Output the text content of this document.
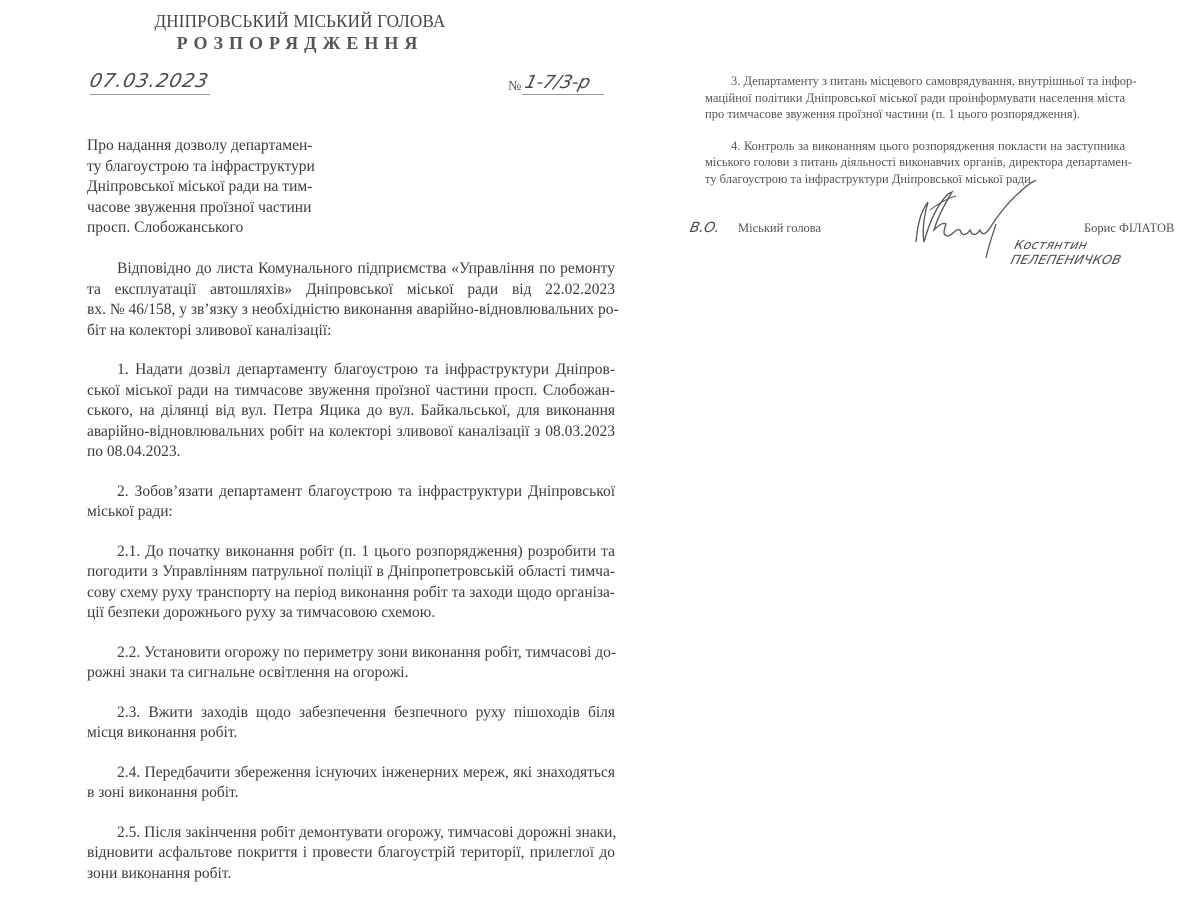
ДНІПРОВСЬКИЙ МІСЬКИЙ ГОЛОВА
РОЗПОРЯДЖЕННЯ
07.03.2023	№ 1-7/3-р
Про надання дозволу департамен-
ту благоустрою та інфраструктури
Дніпровської міської ради на тим-
часове звуження проїзної частини
просп. Слобожанського
Відповідно до листа Комунального підприємства «Управління по ремонту
та експлуатації автошляхів» Дніпровської міської ради від 22.02.2023
вх. № 46/158, у зв’язку з необхідністю виконання аварійно-відновлювальних ро-
біт на колекторі зливової каналізації:
1. Надати дозвіл департаменту благоустрою та інфраструктури Дніпров-
ської міської ради на тимчасове звуження проїзної частини просп. Слобожан-
ського, на ділянці від вул. Петра Яцика до вул. Байкальської, для виконання
аварійно-відновлювальних робіт на колекторі зливової каналізації з 08.03.2023
по 08.04.2023.
2. Зобов’язати департамент благоустрою та інфраструктури Дніпровської
міської ради:
2.1. До початку виконання робіт (п. 1 цього розпорядження) розробити та
погодити з Управлінням патрульної поліції в Дніпропетровській області тимча-
сову схему руху транспорту на період виконання робіт та заходи щодо організа-
ції безпеки дорожнього руху за тимчасовою схемою.
2.2. Установити огорожу по периметру зони виконання робіт, тимчасові до-
рожні знаки та сигнальне освітлення на огорожі.
2.3. Вжити заходів щодо забезпечення безпечного руху пішоходів біля
місця виконання робіт.
2.4. Передбачити збереження існуючих інженерних мереж, які знаходяться
в зоні виконання робіт.
2.5. Після закінчення робіт демонтувати огорожу, тимчасові дорожні знаки,
відновити асфальтове покриття і провести благоустрій території, прилеглої до
зони виконання робіт.
3. Департаменту з питань місцевого самоврядування, внутрішньої та інфор-
маційної політики Дніпровської міської ради проінформувати населення міста
про тимчасове звуження проїзної частини (п. 1 цього розпорядження).
4. Контроль за виконанням цього розпорядження покласти на заступника
міського голови з питань діяльності виконавчих органів, директора департамен-
ту благоустрою та інфраструктури Дніпровської міської ради.
В.О. Міський голова	Борис ФІЛАТОВ
Костянтин ПЕЛЕПЕНИЧКОВ
